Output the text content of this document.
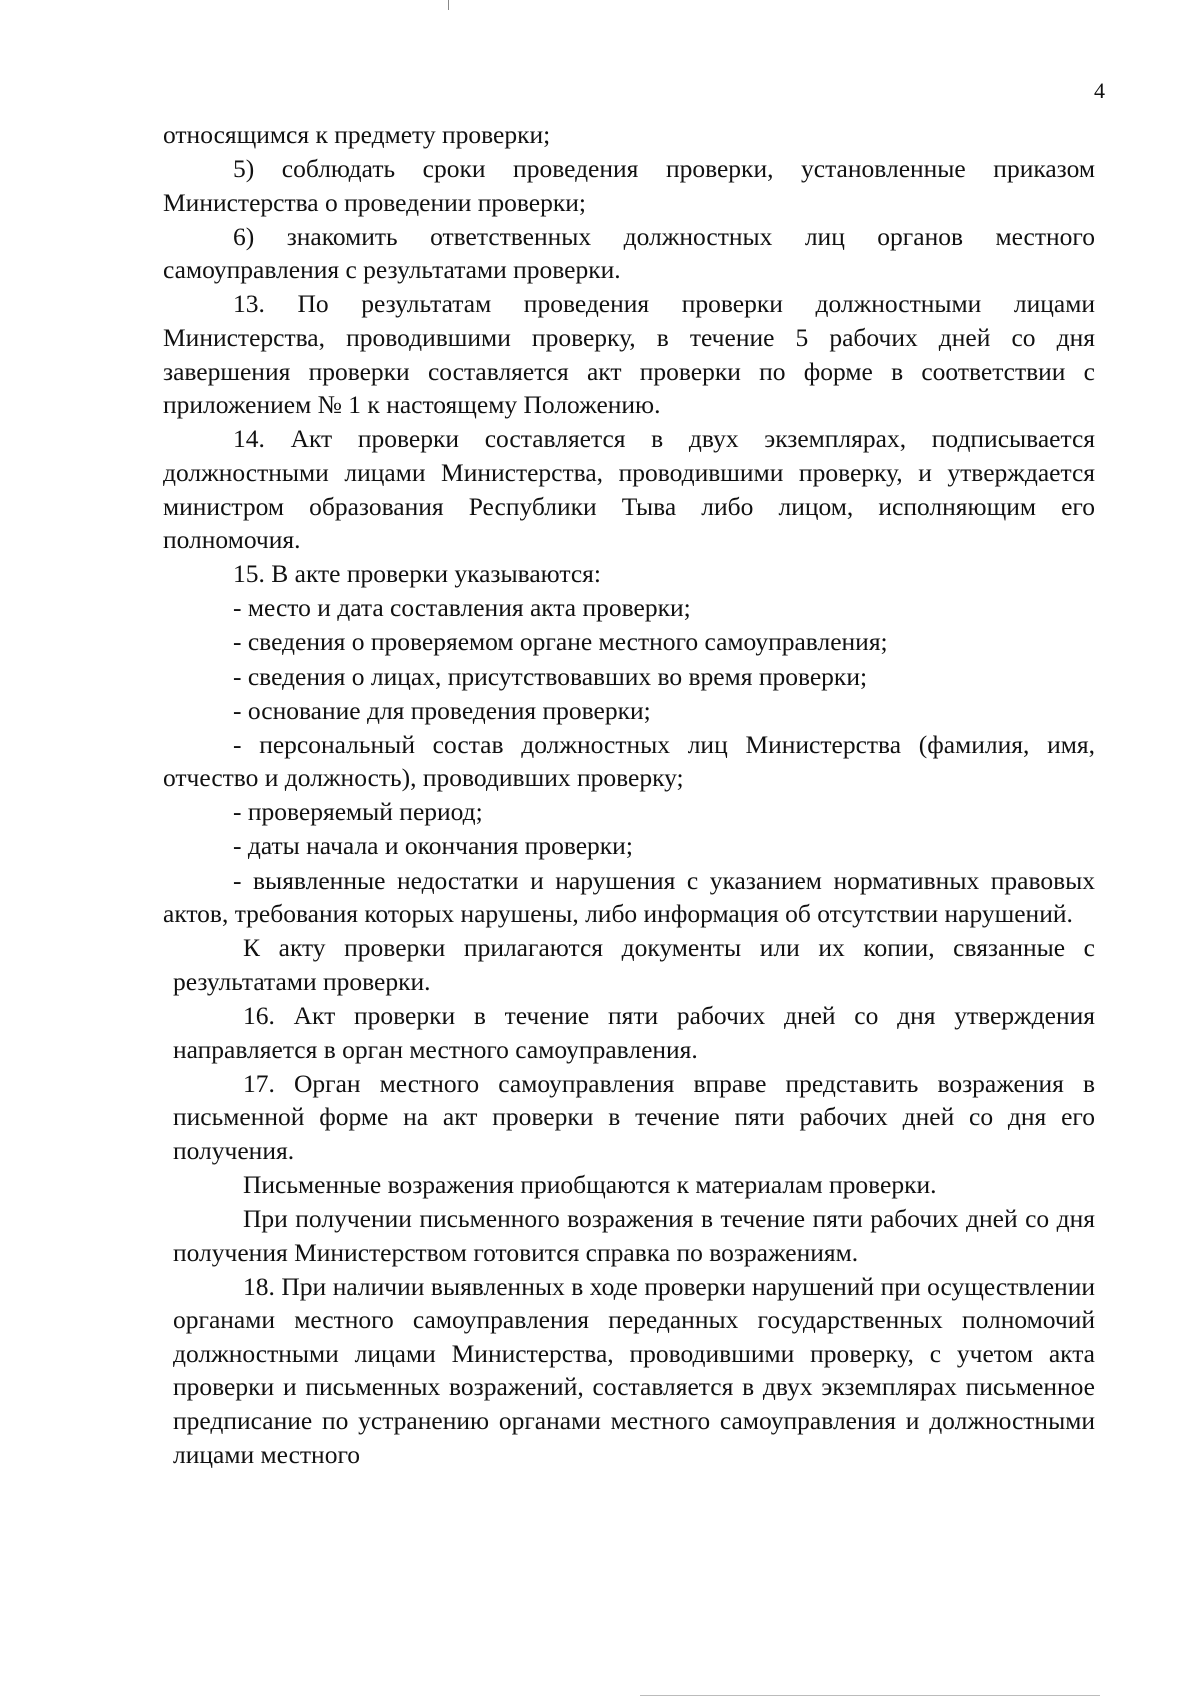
4

относящимся к предмету проверки;

5) соблюдать сроки проведения проверки, установленные приказом Министерства о проведении проверки;

6) знакомить ответственных должностных лиц органов местного самоуправления с результатами проверки.

13. По результатам проведения проверки должностными лицами Министерства, проводившими проверку, в течение 5 рабочих дней со дня завершения проверки составляется акт проверки по форме в соответствии с приложением № 1 к настоящему Положению.

14. Акт проверки составляется в двух экземплярах, подписывается должностными лицами Министерства, проводившими проверку, и утверждается министром образования Республики Тыва либо лицом, исполняющим его полномочия.

15. В акте проверки указываются:

- место и дата составления акта проверки;

- сведения о проверяемом органе местного самоуправления;

- сведения о лицах, присутствовавших во время проверки;

- основание для проведения проверки;

- персональный состав должностных лиц Министерства (фамилия, имя, отчество и должность), проводивших проверку;

- проверяемый период;

- даты начала и окончания проверки;

- выявленные недостатки и нарушения с указанием нормативных правовых актов, требования которых нарушены, либо информация об отсутствии нарушений.

К акту проверки прилагаются документы или их копии, связанные с результатами проверки.

16. Акт проверки в течение пяти рабочих дней со дня утверждения направляется в орган местного самоуправления.

17. Орган местного самоуправления вправе представить возражения в письменной форме на акт проверки в течение пяти рабочих дней со дня его получения.

Письменные возражения приобщаются к материалам проверки.

При получении письменного возражения в течение пяти рабочих дней со дня получения Министерством готовится справка по возражениям.

18. При наличии выявленных в ходе проверки нарушений при осуществлении органами местного самоуправления переданных государственных полномочий должностными лицами Министерства, проводившими проверку, с учетом акта проверки и письменных возражений, составляется в двух экземплярах письменное предписание по устранению органами местного самоуправления и должностными лицами местного
